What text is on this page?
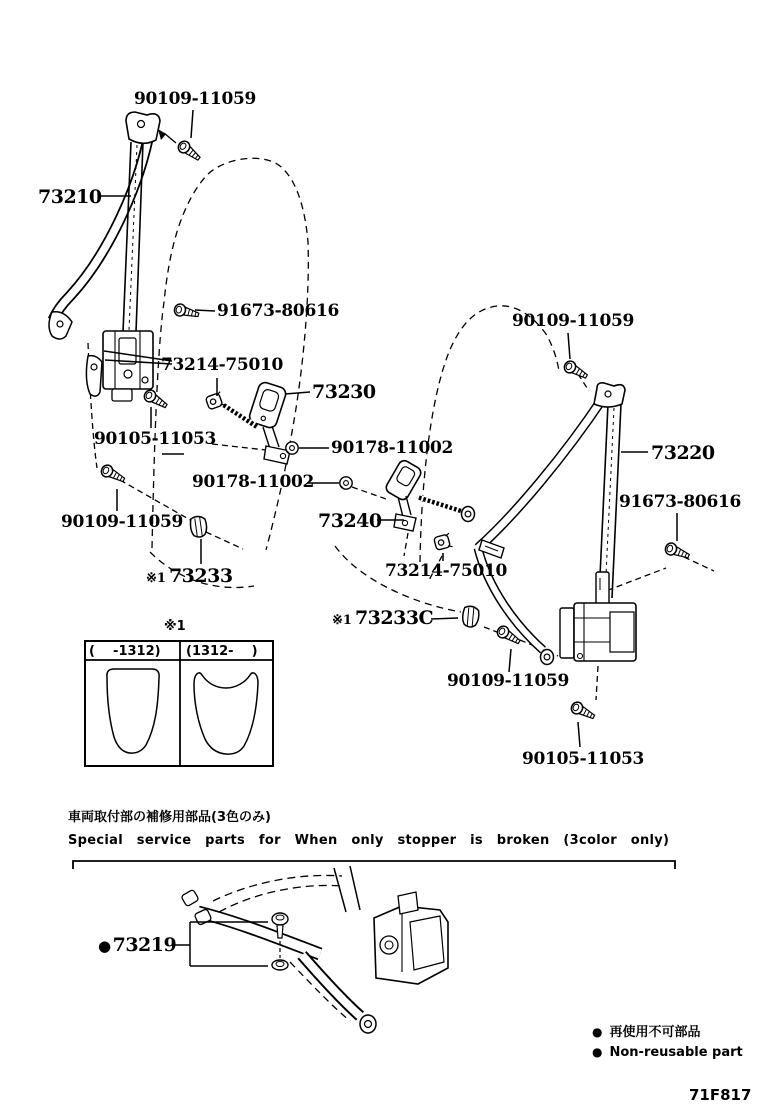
90109-11059
73210
91673-80616
73214-75010
73230
90105-11053	90178-11002
90178-11002
90109-11059	73240
※1 73233	73214-75010
※1 73233C
90109-11059
90105-11053
90109-11059
73220
91673-80616
● 73219
※1
(    -1312) (1312-    )
車両取付部の補修用部品(3色のみ)
Special service parts for When only stopper is broken (3color only)
● 再使用不可部品
● Non-reusable part
71F817
